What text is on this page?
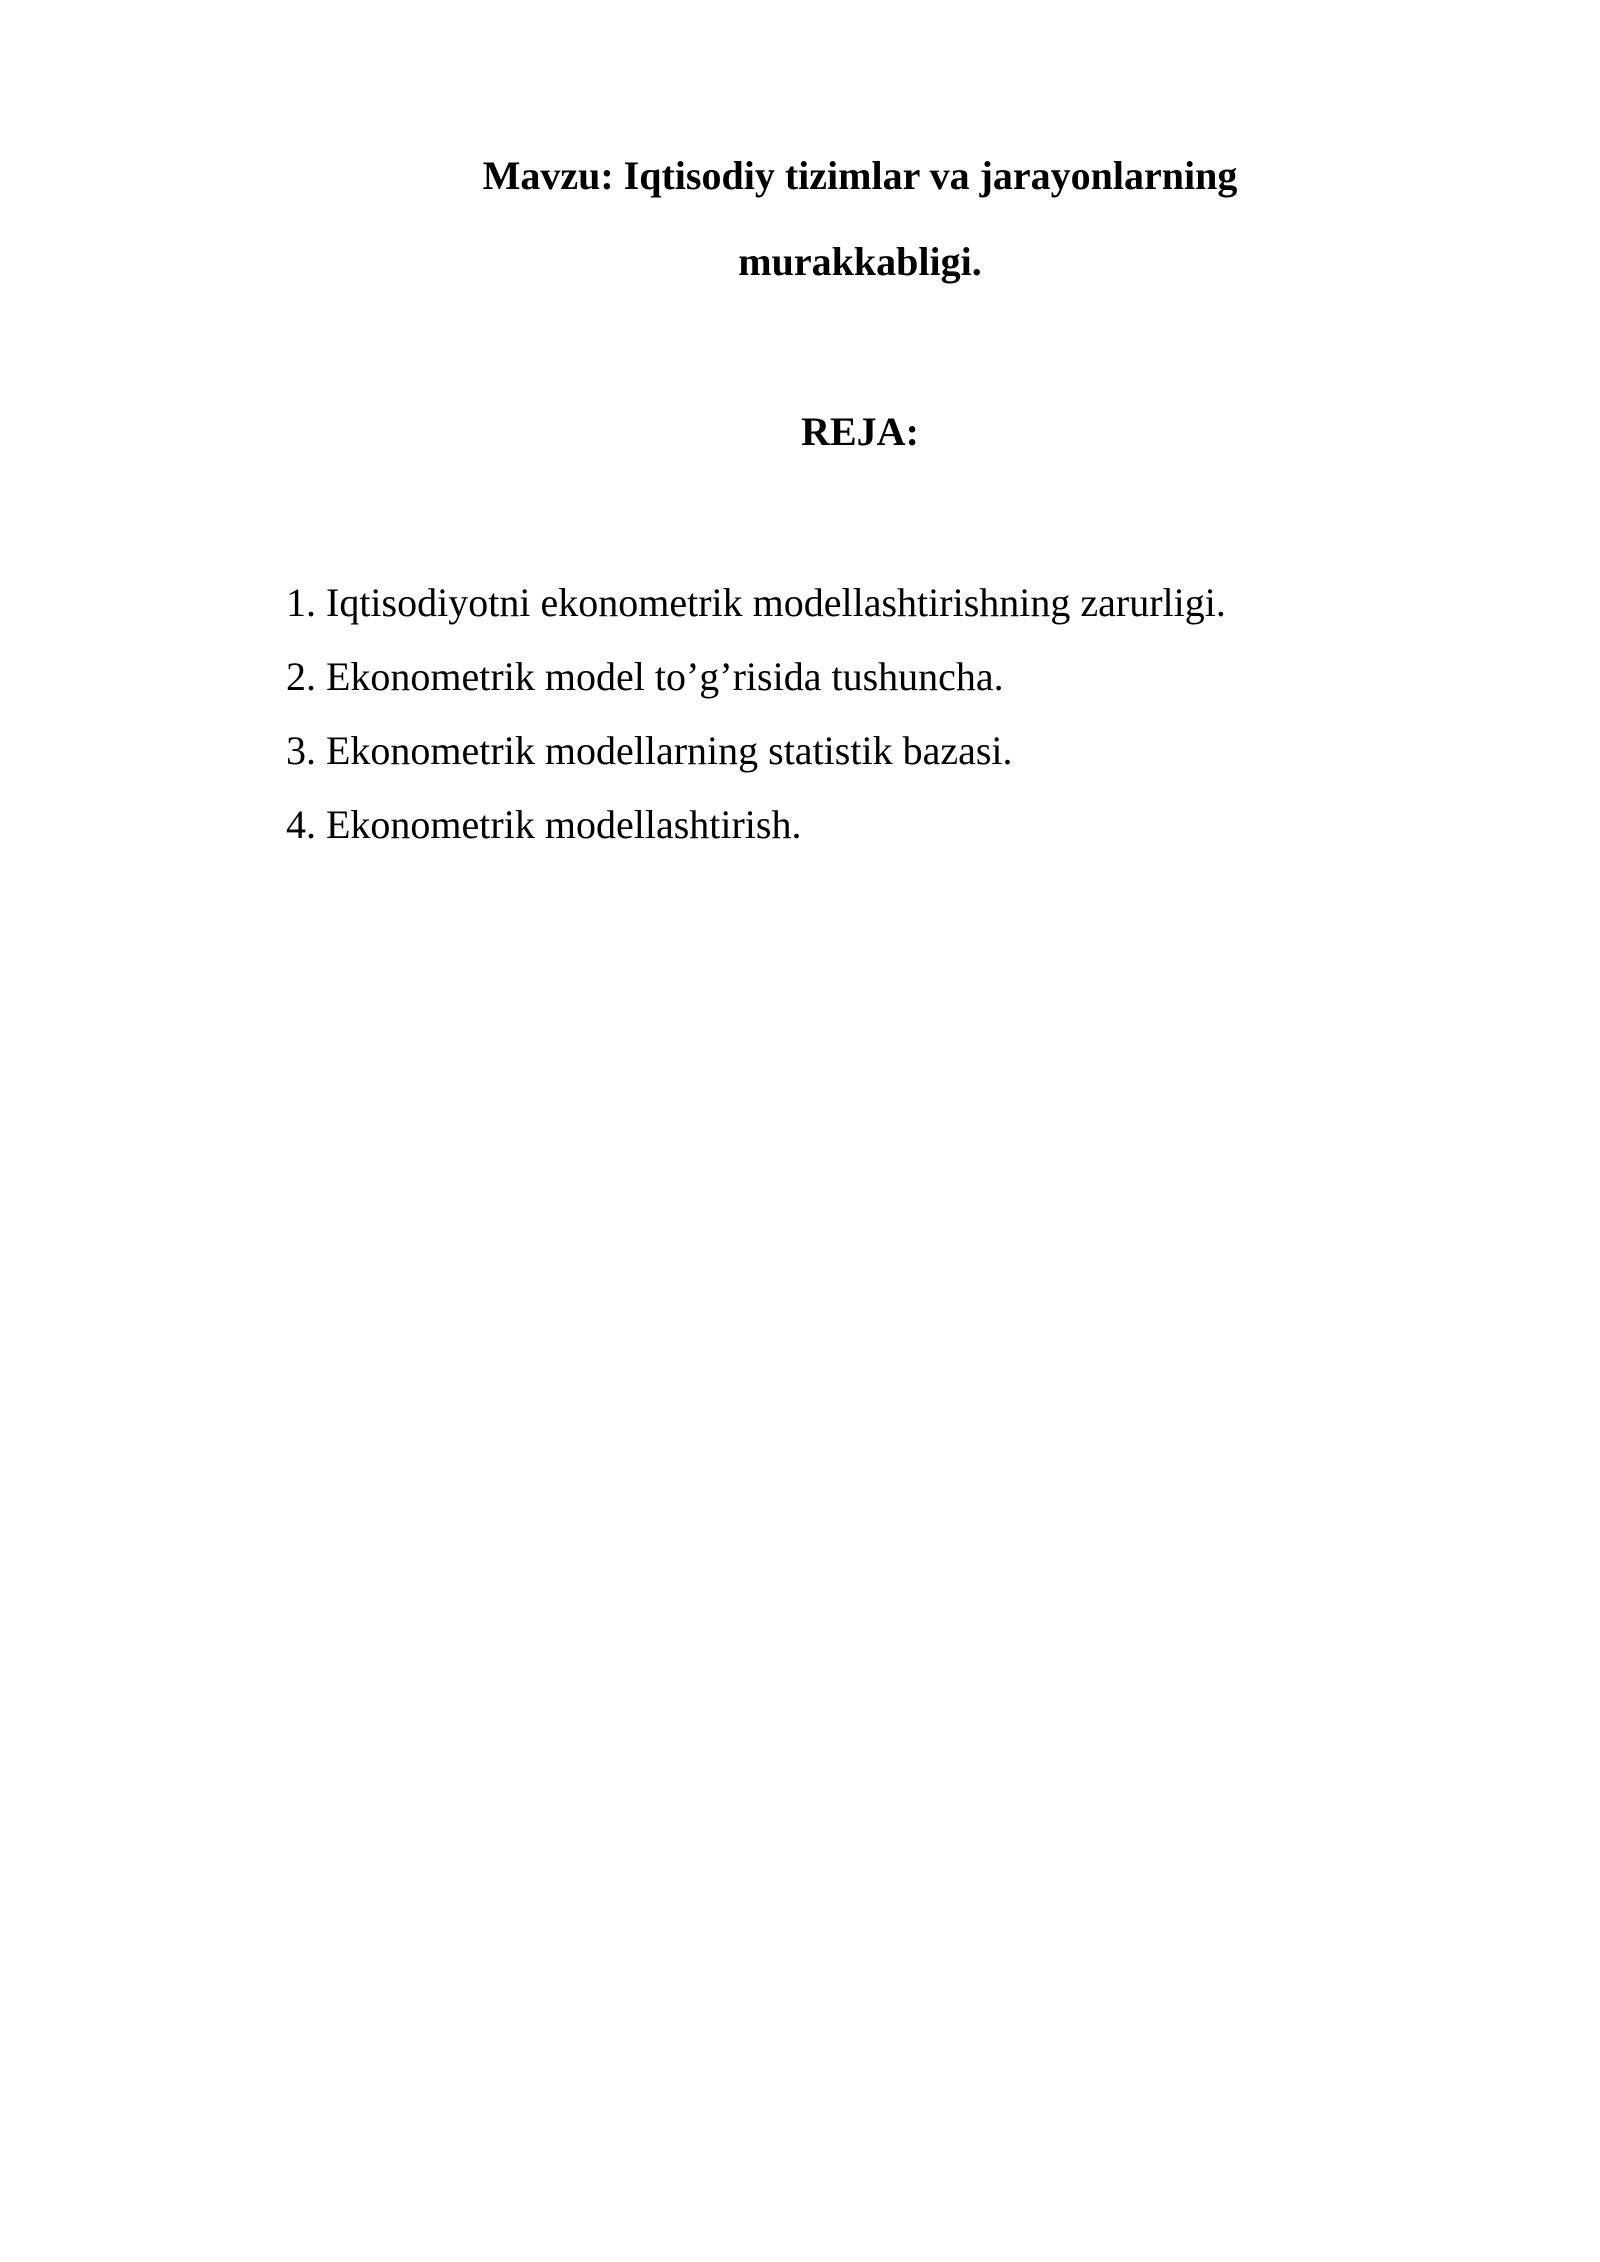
Mavzu: Iqtisodiy tizimlar va jarayonlarning
murakkabligi.
REJA:
1. Iqtisodiyotni ekonometrik modellashtirishning zarurligi.
2. Ekonometrik model to’g’risida tushuncha.
3. Ekonometrik modellarning statistik bazasi.
4. Ekonometrik modellashtirish.
